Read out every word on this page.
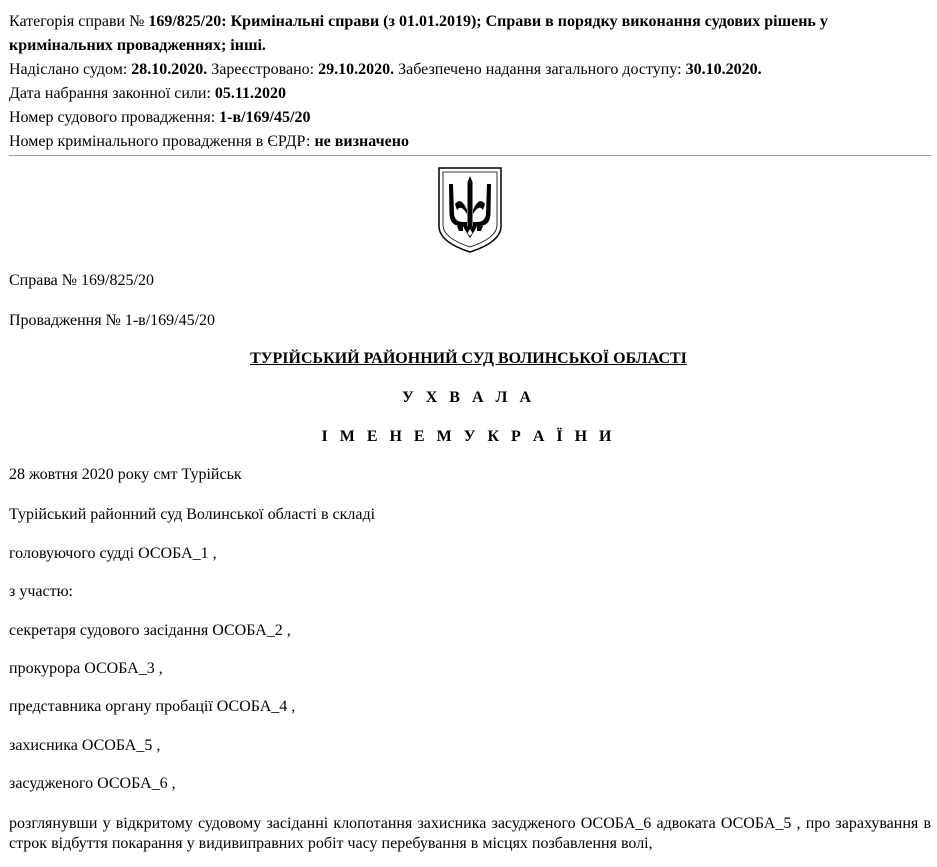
Категорія справи № 169/825/20: Кримінальні справи (з 01.01.2019); Справи в порядку виконання судових рішень у кримінальних провадженнях; інші.

Надіслано судом: 28.10.2020. Зареєстровано: 29.10.2020. Забезпечено надання загального доступу: 30.10.2020.

Дата набрання законної сили: 05.11.2020

Номер судового провадження: 1-в/169/45/20

Номер кримінального провадження в ЄРДР: не визначено

Справа № 169/825/20
Провадження № 1-в/169/45/20
ТУРІЙСЬКИЙ РАЙОННИЙ СУД ВОЛИНСЬКОЇ ОБЛАСТІ
У Х В А Л А
І М Е Н Е М У К Р А Ї Н И
28 жовтня 2020 року смт Турійськ
Турійський районний суд Волинської області в складі
головуючого судді ОСОБА_1 ,
з участю:
секретаря судового засідання ОСОБА_2 ,
прокурора ОСОБА_3 ,
представника органу пробації ОСОБА_4 ,
захисника ОСОБА_5 ,
засудженого ОСОБА_6 ,
розглянувши у відкритому судовому засіданні клопотання захисника засудженого ОСОБА_6 адвоката ОСОБА_5 , про зарахування в строк відбуття покарання у видивиправних робіт часу перебування в місцях позбавлення волі,
